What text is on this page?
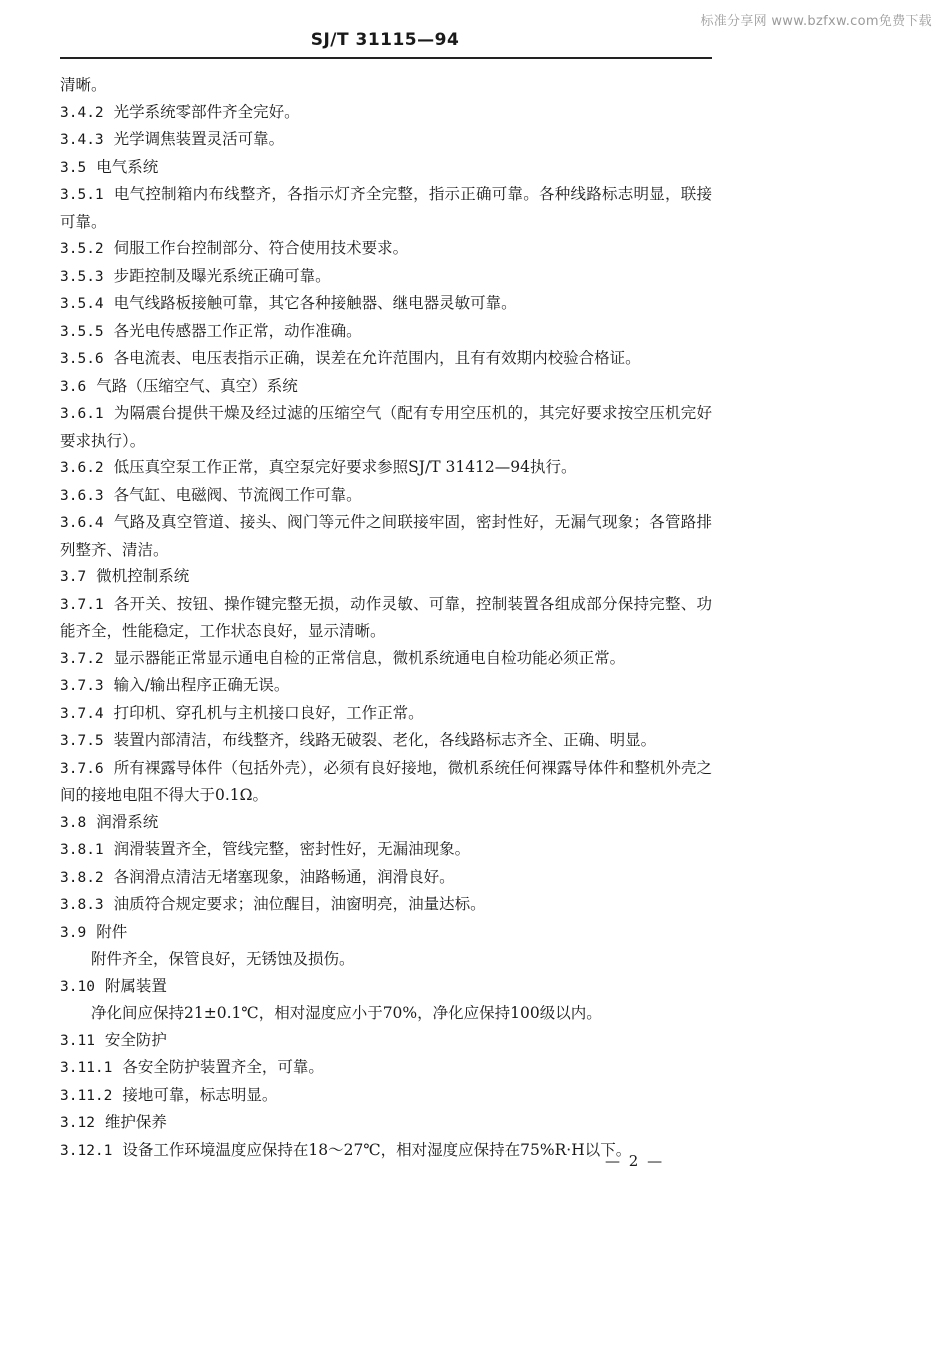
标准分享网 www.bzfxw.com免费下载
SJ/T 31115—94

清晰。

3.4.2 光学系统零部件齐全完好。

3.4.3 光学调焦装置灵活可靠。

3.5 电气系统

3.5.1 电气控制箱内布线整齐，各指示灯齐全完整，指示正确可靠。各种线路标志明显，联接可靠。

3.5.2 伺服工作台控制部分、符合使用技术要求。

3.5.3 步距控制及曝光系统正确可靠。

3.5.4 电气线路板接触可靠，其它各种接触器、继电器灵敏可靠。

3.5.5 各光电传感器工作正常，动作准确。

3.5.6 各电流表、电压表指示正确，误差在允许范围内，且有有效期内校验合格证。

3.6 气路（压缩空气、真空）系统

3.6.1 为隔震台提供干燥及经过滤的压缩空气（配有专用空压机的，其完好要求按空压机完好要求执行）。

3.6.2 低压真空泵工作正常，真空泵完好要求参照SJ/T 31412—94执行。

3.6.3 各气缸、电磁阀、节流阀工作可靠。

3.6.4 气路及真空管道、接头、阀门等元件之间联接牢固，密封性好，无漏气现象；各管路排列整齐、清洁。

3.7 微机控制系统

3.7.1 各开关、按钮、操作键完整无损，动作灵敏、可靠，控制装置各组成部分保持完整、功能齐全，性能稳定，工作状态良好，显示清晰。

3.7.2 显示器能正常显示通电自检的正常信息，微机系统通电自检功能必须正常。

3.7.3 输入/输出程序正确无误。

3.7.4 打印机、穿孔机与主机接口良好，工作正常。

3.7.5 装置内部清洁，布线整齐，线路无破裂、老化，各线路标志齐全、正确、明显。

3.7.6 所有裸露导体件（包括外壳），必须有良好接地，微机系统任何裸露导体件和整机外壳之间的接地电阻不得大于0.1Ω。

3.8 润滑系统

3.8.1 润滑装置齐全，管线完整，密封性好，无漏油现象。

3.8.2 各润滑点清洁无堵塞现象，油路畅通，润滑良好。

3.8.3 油质符合规定要求；油位醒目，油窗明亮，油量达标。

3.9 附件

附件齐全，保管良好，无锈蚀及损伤。

3.10 附属装置

净化间应保持21±0.1℃，相对湿度应小于70%，净化应保持100级以内。

3.11 安全防护

3.11.1 各安全防护装置齐全，可靠。

3.11.2 接地可靠，标志明显。

3.12 维护保养

3.12.1 设备工作环境温度应保持在18～27℃，相对湿度应保持在75%R·H以下。

— 2 —
